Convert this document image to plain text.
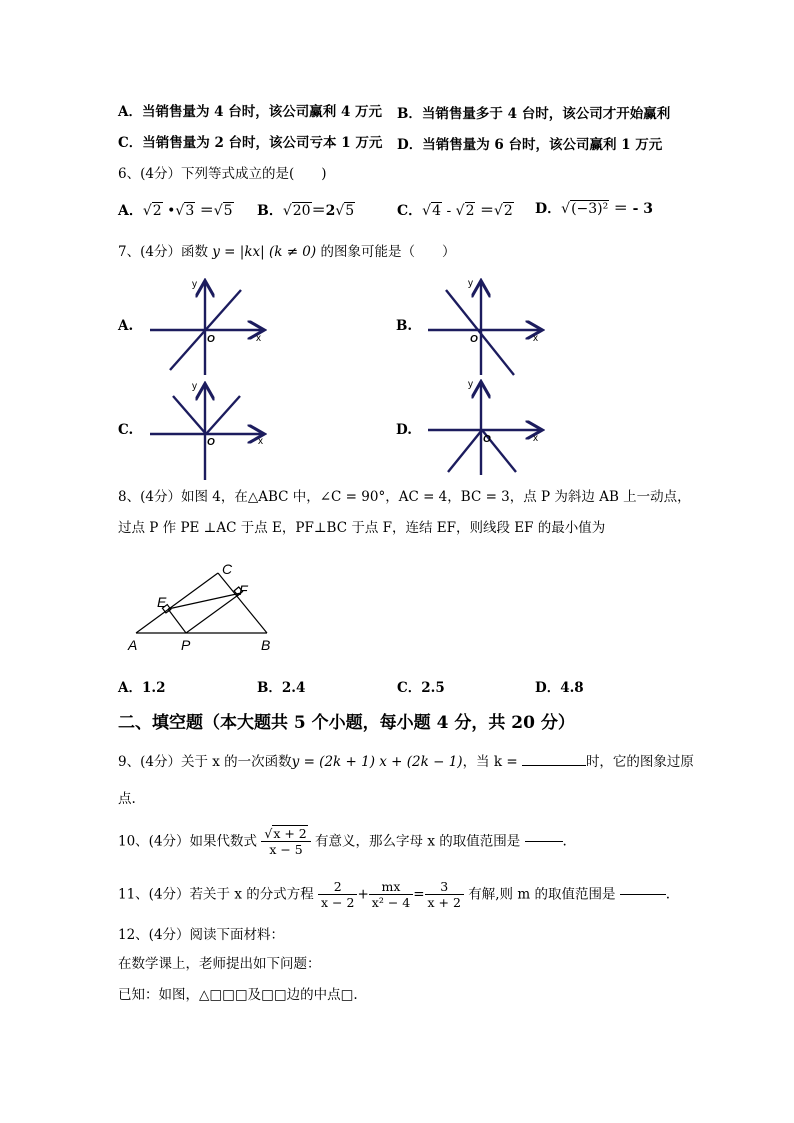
A．当销售量为 4 台时，该公司赢利 4 万元 B．当销售量多于 4 台时，该公司才开始赢利
C．当销售量为 2 台时，该公司亏本 1 万元 D．当销售量为 6 台时，该公司赢利 1 万元
6、(4分）下列等式成立的是(　　)
A．√2 •√3 ＝√5 B．√20＝2√5	C．√4 - √2 ＝√2 D．√(−3)² ＝ - 3
7、(4分）函数 y = |kx| (k ≠ 0) 的图象可能是（　　）
A.	B.
C.	D.
y
x
O
y
x
O
y
x
O
y
x
O
8、(4分）如图 4，在△ABC 中，∠C = 90°，AC = 4，BC = 3，点 P 为斜边 AB 上一动点，
过点 P 作 PE ⊥AC 于点 E，PF⊥BC 于点 F，连结 EF，则线段 EF 的最小值为
A	P	B
C
E
F
A．1.2	B．2.4	C．2.5	D．4.8
二、填空题（本大题共 5 个小题，每小题 4 分，共 20 分）
9、(4分）关于 x 的一次函数y = (2k + 1) x + (2k − 1)，当 k =	时，它的图象过原
点.
10、(4分）如果代数式 $\frac{√x + 2}{x - 5}$ 有意义，那么字母 x 的取值范围是	.
11、(4分）若关于 x 的分式方程 $\frac{2}{x - 2} + \frac{mx}{\text{x² − 4}} = \frac{3}{x + 2}$ 有解,则 m 的取值范围是	.
12、(4分）阅读下面材料：
在数学课上，老师提出如下问题：
已知：如图，△□□□及□□边的中点□.
